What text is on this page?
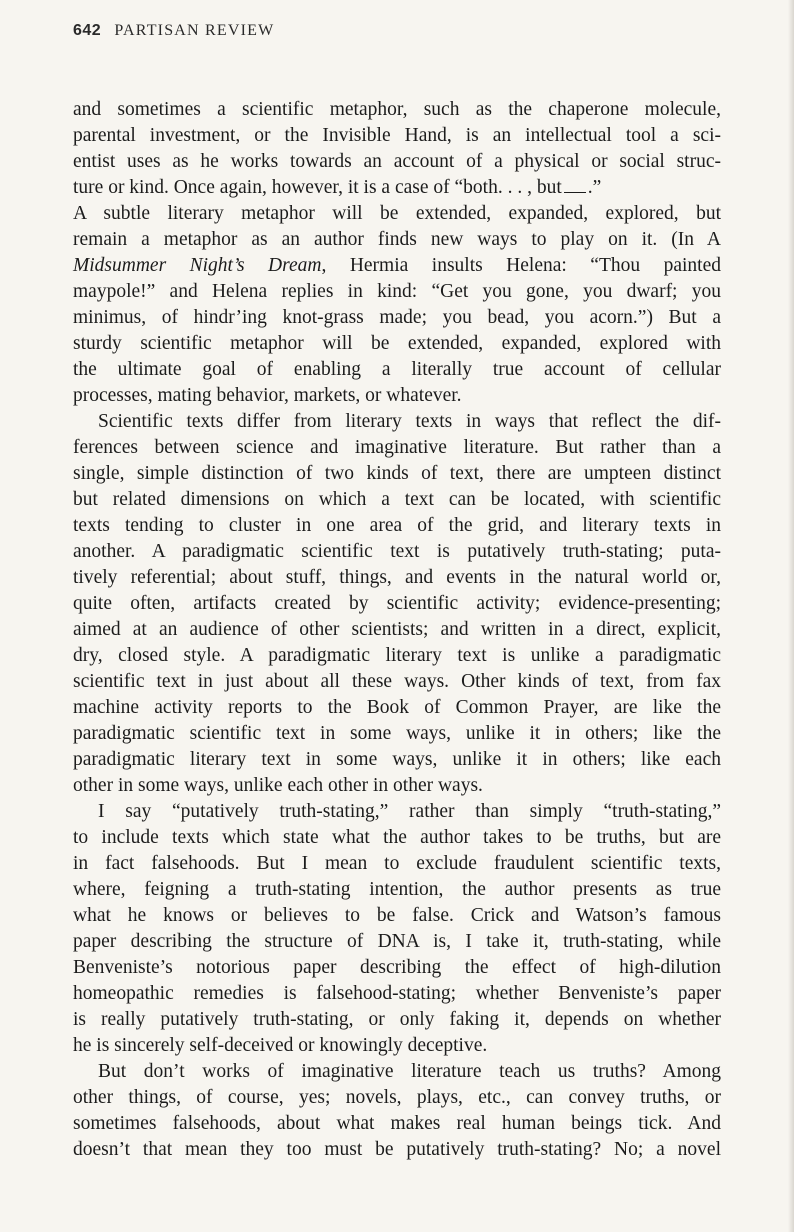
642 PARTISAN REVIEW
and sometimes a scientific metaphor, such as the chaperone molecule,
parental investment, or the Invisible Hand, is an intellectual tool a sci-
entist uses as he works towards an account of a physical or social struc-
ture or kind. Once again, however, it is a case of “both. . . , but .”
A subtle literary metaphor will be extended, expanded, explored, but
remain a metaphor as an author finds new ways to play on it. (In A
Midsummer Night’s Dream, Hermia insults Helena: “Thou painted
maypole!” and Helena replies in kind: “Get you gone, you dwarf; you
minimus, of hindr’ing knot-grass made; you bead, you acorn.”) But a
sturdy scientific metaphor will be extended, expanded, explored with
the ultimate goal of enabling a literally true account of cellular
processes, mating behavior, markets, or whatever.
Scientific texts differ from literary texts in ways that reflect the dif-
ferences between science and imaginative literature. But rather than a
single, simple distinction of two kinds of text, there are umpteen distinct
but related dimensions on which a text can be located, with scientific
texts tending to cluster in one area of the grid, and literary texts in
another. A paradigmatic scientific text is putatively truth-stating; puta-
tively referential; about stuff, things, and events in the natural world or,
quite often, artifacts created by scientific activity; evidence-presenting;
aimed at an audience of other scientists; and written in a direct, explicit,
dry, closed style. A paradigmatic literary text is unlike a paradigmatic
scientific text in just about all these ways. Other kinds of text, from fax
machine activity reports to the Book of Common Prayer, are like the
paradigmatic scientific text in some ways, unlike it in others; like the
paradigmatic literary text in some ways, unlike it in others; like each
other in some ways, unlike each other in other ways.
I say “putatively truth-stating,” rather than simply “truth-stating,”
to include texts which state what the author takes to be truths, but are
in fact falsehoods. But I mean to exclude fraudulent scientific texts,
where, feigning a truth-stating intention, the author presents as true
what he knows or believes to be false. Crick and Watson’s famous
paper describing the structure of DNA is, I take it, truth-stating, while
Benveniste’s notorious paper describing the effect of high-dilution
homeopathic remedies is falsehood-stating; whether Benveniste’s paper
is really putatively truth-stating, or only faking it, depends on whether
he is sincerely self-deceived or knowingly deceptive.
But don’t works of imaginative literature teach us truths? Among
other things, of course, yes; novels, plays, etc., can convey truths, or
sometimes falsehoods, about what makes real human beings tick. And
doesn’t that mean they too must be putatively truth-stating? No; a novel
